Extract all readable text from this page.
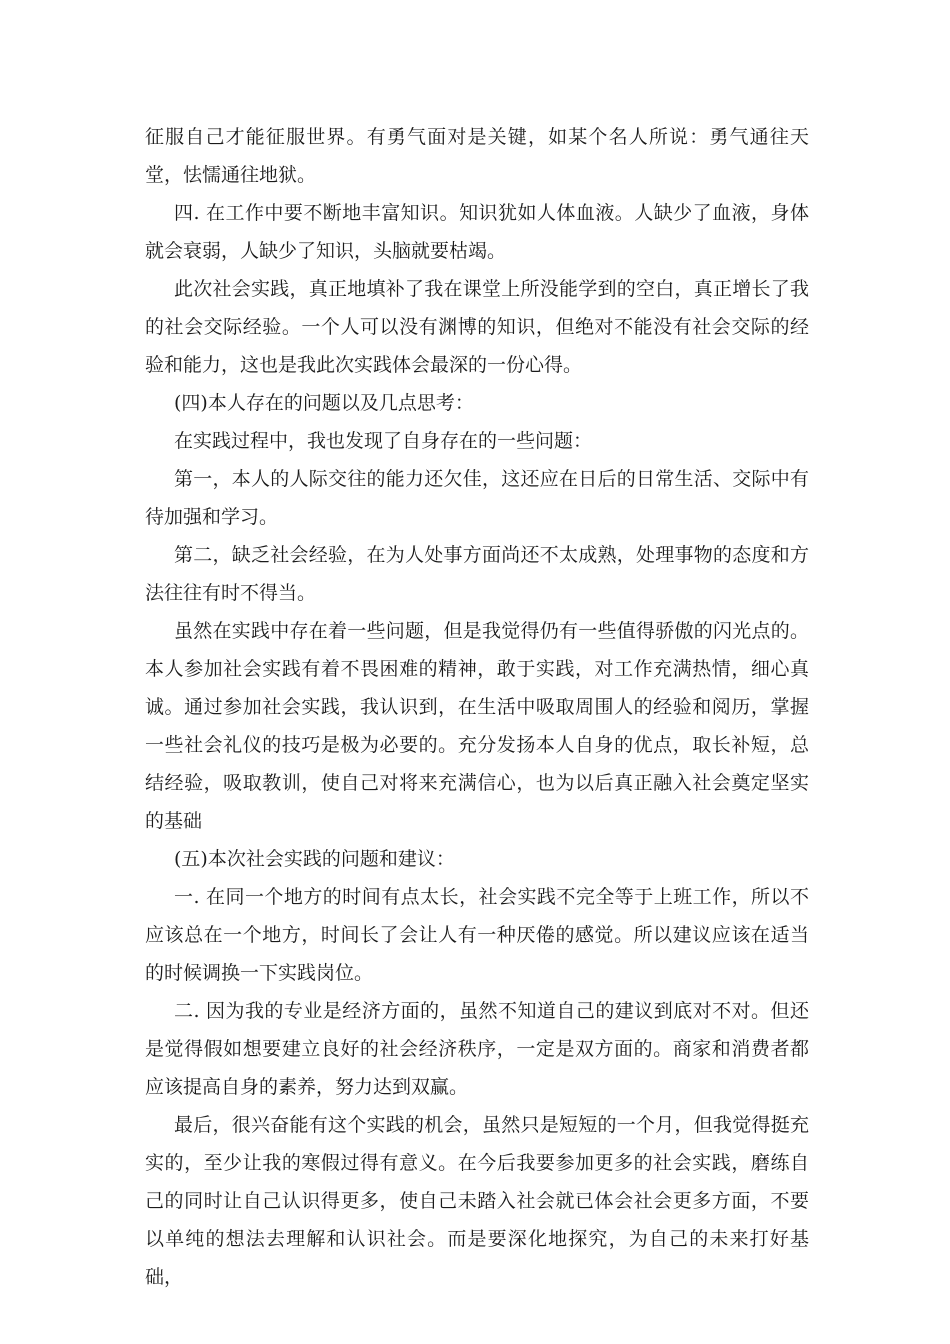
征服自己才能征服世界。有勇气面对是关键，如某个名人所说：勇气通往天堂，怯懦通往地狱。

四. 在工作中要不断地丰富知识。知识犹如人体血液。人缺少了血液，身体就会衰弱，人缺少了知识，头脑就要枯竭。

此次社会实践，真正地填补了我在课堂上所没能学到的空白，真正增长了我的社会交际经验。一个人可以没有渊博的知识，但绝对不能没有社会交际的经验和能力，这也是我此次实践体会最深的一份心得。

(四)本人存在的问题以及几点思考：

在实践过程中，我也发现了自身存在的一些问题：

第一，本人的人际交往的能力还欠佳，这还应在日后的日常生活、交际中有待加强和学习。

第二，缺乏社会经验，在为人处事方面尚还不太成熟，处理事物的态度和方法往往有时不得当。

虽然在实践中存在着一些问题，但是我觉得仍有一些值得骄傲的闪光点的。本人参加社会实践有着不畏困难的精神，敢于实践，对工作充满热情，细心真诚。通过参加社会实践，我认识到，在生活中吸取周围人的经验和阅历，掌握一些社会礼仪的技巧是极为必要的。充分发扬本人自身的优点，取长补短，总结经验，吸取教训，使自己对将来充满信心，也为以后真正融入社会奠定坚实的基础

(五)本次社会实践的问题和建议：

一. 在同一个地方的时间有点太长，社会实践不完全等于上班工作，所以不应该总在一个地方，时间长了会让人有一种厌倦的感觉。所以建议应该在适当的时候调换一下实践岗位。

二. 因为我的专业是经济方面的，虽然不知道自己的建议到底对不对。但还是觉得假如想要建立良好的社会经济秩序，一定是双方面的。商家和消费者都应该提高自身的素养，努力达到双赢。

最后，很兴奋能有这个实践的机会，虽然只是短短的一个月，但我觉得挺充实的，至少让我的寒假过得有意义。在今后我要参加更多的社会实践，磨练自己的同时让自己认识得更多，使自己未踏入社会就已体会社会更多方面，不要以单纯的想法去理解和认识社会。而是要深化地探究，为自己的未来打好基础，
